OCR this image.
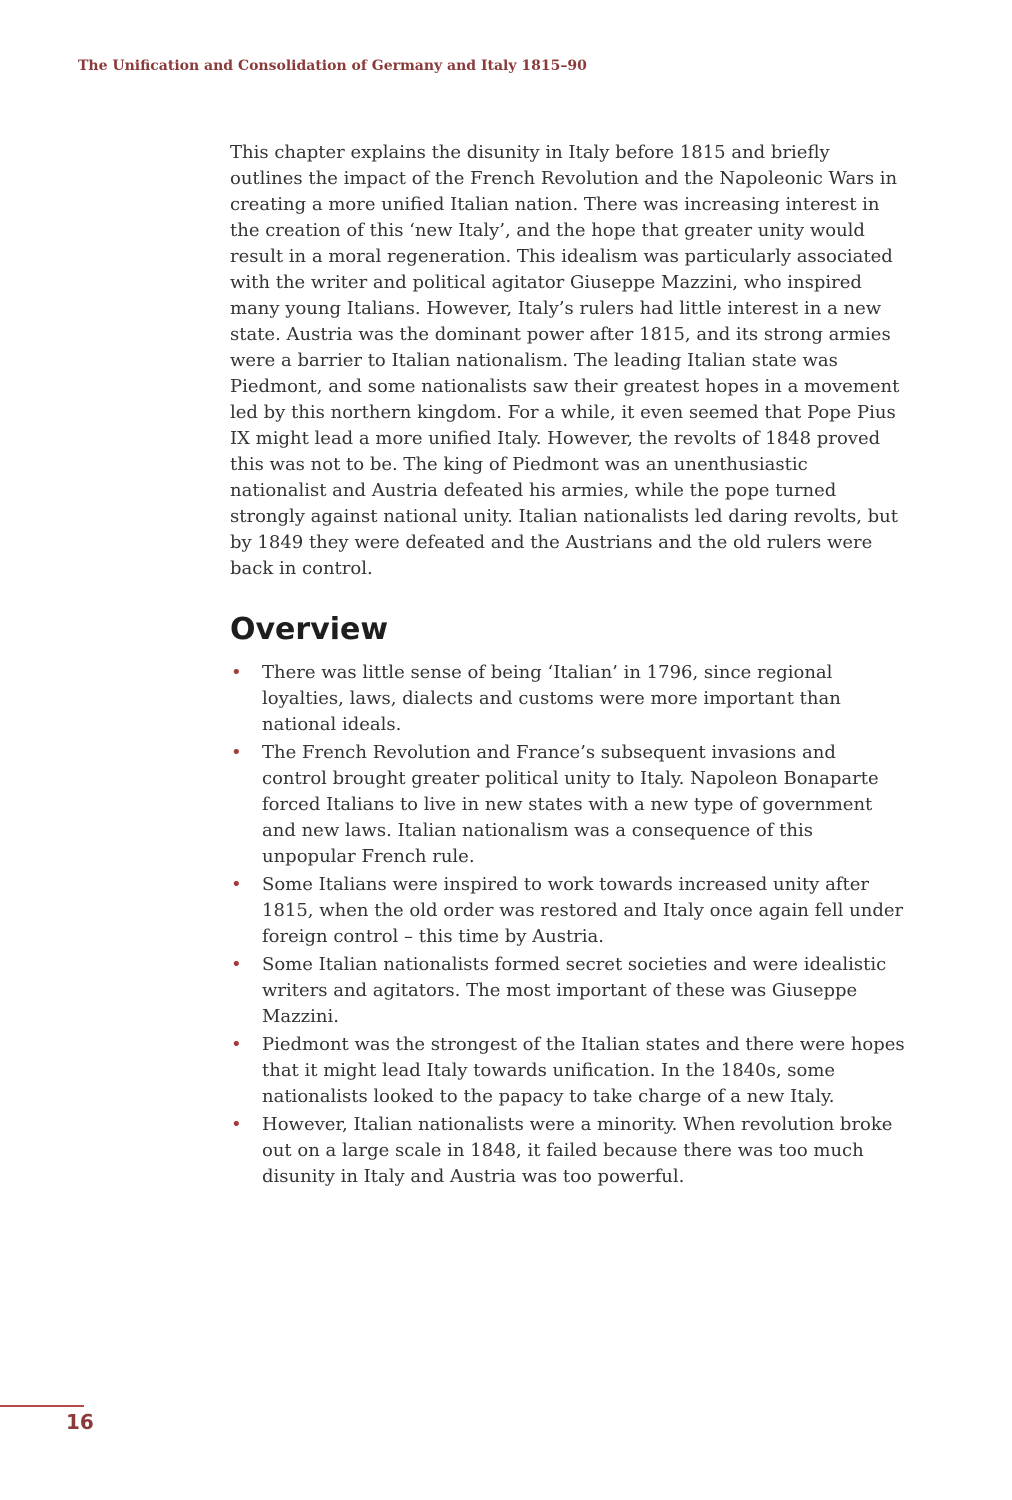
The Unification and Consolidation of Germany and Italy 1815–90

This chapter explains the disunity in Italy before 1815 and briefly outlines the impact of the French Revolution and the Napoleonic Wars in creating a more unified Italian nation. There was increasing interest in the creation of this ‘new Italy’, and the hope that greater unity would result in a moral regeneration. This idealism was particularly associated with the writer and political agitator Giuseppe Mazzini, who inspired many young Italians. However, Italy’s rulers had little interest in a new state. Austria was the dominant power after 1815, and its strong armies were a barrier to Italian nationalism. The leading Italian state was Piedmont, and some nationalists saw their greatest hopes in a movement led by this northern kingdom. For a while, it even seemed that Pope Pius IX might lead a more unified Italy. However, the revolts of 1848 proved this was not to be. The king of Piedmont was an unenthusiastic nationalist and Austria defeated his armies, while the pope turned strongly against national unity. Italian nationalists led daring revolts, but by 1849 they were defeated and the Austrians and the old rulers were back in control.

Overview
• There was little sense of being ‘Italian’ in 1796, since regional loyalties, laws, dialects and customs were more important than national ideals.
• The French Revolution and France’s subsequent invasions and control brought greater political unity to Italy. Napoleon Bonaparte forced Italians to live in new states with a new type of government and new laws. Italian nationalism was a consequence of this unpopular French rule.
• Some Italians were inspired to work towards increased unity after 1815, when the old order was restored and Italy once again fell under foreign control – this time by Austria.
• Some Italian nationalists formed secret societies and were idealistic writers and agitators. The most important of these was Giuseppe Mazzini.
• Piedmont was the strongest of the Italian states and there were hopes that it might lead Italy towards unification. In the 1840s, some nationalists looked to the papacy to take charge of a new Italy.
• However, Italian nationalists were a minority. When revolution broke out on a large scale in 1848, it failed because there was too much disunity in Italy and Austria was too powerful.

16
